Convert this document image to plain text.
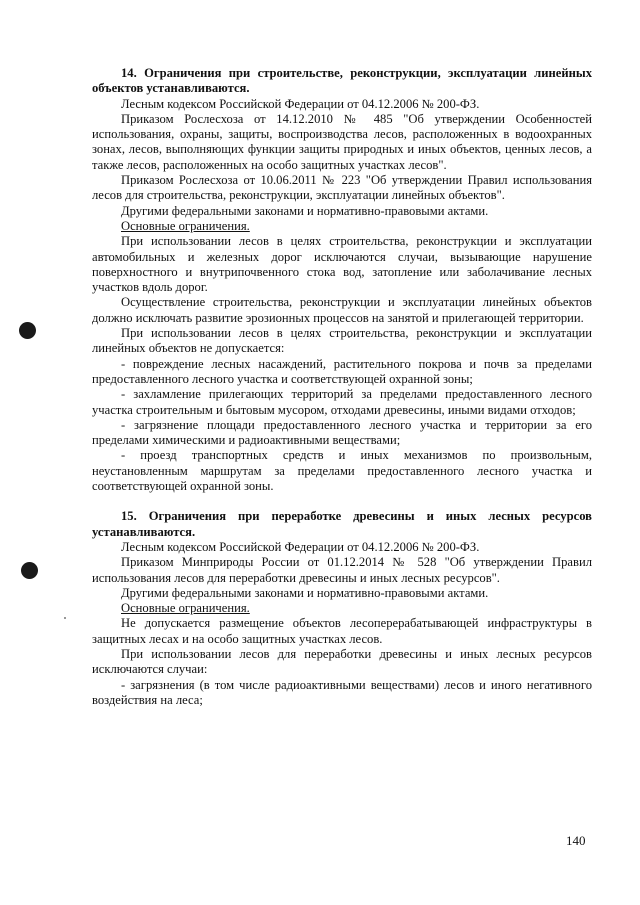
14. Ограничения при строительстве, реконструкции, эксплуатации линейных объектов устанавливаются.

Лесным кодексом Российской Федерации от 04.12.2006 № 200-ФЗ.

Приказом Рослесхоза от 14.12.2010 № 485 "Об утверждении Особенностей использования, охраны, защиты, воспроизводства лесов, расположенных в водоохранных зонах, лесов, выполняющих функции защиты природных и иных объектов, ценных лесов, а также лесов, расположенных на особо защитных участках лесов".

Приказом Рослесхоза от 10.06.2011 № 223 "Об утверждении Правил использования лесов для строительства, реконструкции, эксплуатации линейных объектов".

Другими федеральными законами и нормативно-правовыми актами.

Основные ограничения.

При использовании лесов в целях строительства, реконструкции и эксплуатации автомобильных и железных дорог исключаются случаи, вызывающие нарушение поверхностного и внутрипочвенного стока вод, затопление или заболачивание лесных участков вдоль дорог.

Осуществление строительства, реконструкции и эксплуатации линейных объектов должно исключать развитие эрозионных процессов на занятой и прилегающей территории.

При использовании лесов в целях строительства, реконструкции и эксплуатации линейных объектов не допускается:

- повреждение лесных насаждений, растительного покрова и почв за пределами предоставленного лесного участка и соответствующей охранной зоны;

- захламление прилегающих территорий за пределами предоставленного лесного участка строительным и бытовым мусором, отходами древесины, иными видами отходов;

- загрязнение площади предоставленного лесного участка и территории за его пределами химическими и радиоактивными веществами;

- проезд транспортных средств и иных механизмов по произвольным, неустановленным маршрутам за пределами предоставленного лесного участка и соответствующей охранной зоны.

15. Ограничения при переработке древесины и иных лесных ресурсов устанавливаются.

Лесным кодексом Российской Федерации от 04.12.2006 № 200-ФЗ.

Приказом Минприроды России от 01.12.2014 № 528 "Об утверждении Правил использования лесов для переработки древесины и иных лесных ресурсов".

Другими федеральными законами и нормативно-правовыми актами.

Основные ограничения.

Не допускается размещение объектов лесоперерабатывающей инфраструктуры в защитных лесах и на особо защитных участках лесов.

При использовании лесов для переработки древесины и иных лесных ресурсов исключаются случаи:

- загрязнения (в том числе радиоактивными веществами) лесов и иного негативного воздействия на леса;

140
